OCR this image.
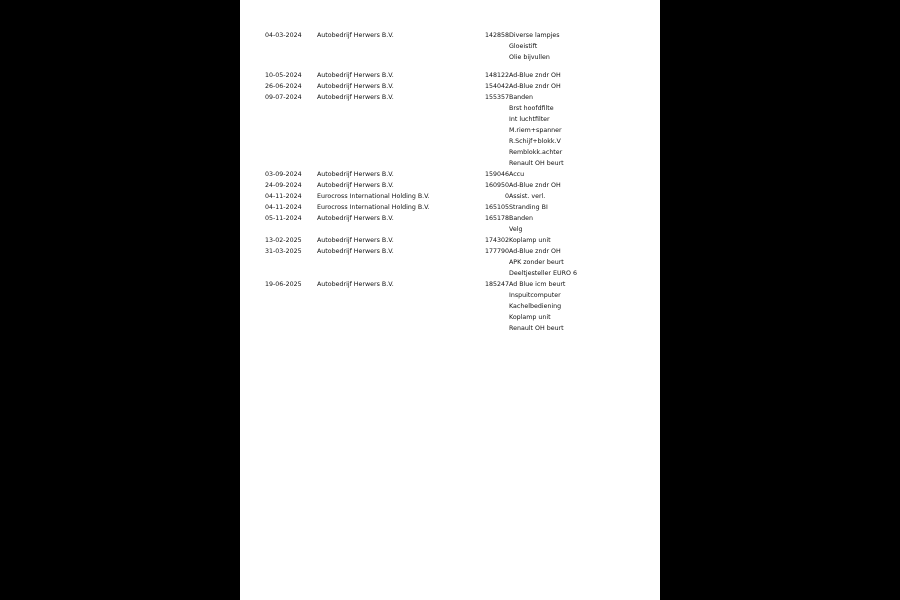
04-03-2024	Autobedrijf Herwers B.V.	142858	Diverse lampjes
Gloeistift
Olie bijvullen

10-05-2024	Autobedrijf Herwers B.V.	148122	Ad-Blue zndr OH

26-06-2024	Autobedrijf Herwers B.V.	154042	Ad-Blue zndr OH

09-07-2024	Autobedrijf Herwers B.V.	155357	Banden
Brst hoofdfilte
Int luchtfilter
M.riem+spanner
R.Schijf+blokk.V
Remblokk.achter
Renault OH beurt

03-09-2024	Autobedrijf Herwers B.V.	159046	Accu

24-09-2024	Autobedrijf Herwers B.V.	160950	Ad-Blue zndr OH

04-11-2024	Eurocross International Holding B.V.	0	Assist. verl.

04-11-2024	Eurocross International Holding B.V.	165105	Stranding BI

05-11-2024	Autobedrijf Herwers B.V.	165178	Banden
Velg

13-02-2025	Autobedrijf Herwers B.V.	174302	Koplamp unit

31-03-2025	Autobedrijf Herwers B.V.	177790	Ad-Blue zndr OH
APK zonder beurt
Deeltjesteller EURO 6

19-06-2025	Autobedrijf Herwers B.V.	185247	Ad Blue icm beurt
Inspuitcomputer
Kachelbediening
Koplamp unit
Renault OH beurt
